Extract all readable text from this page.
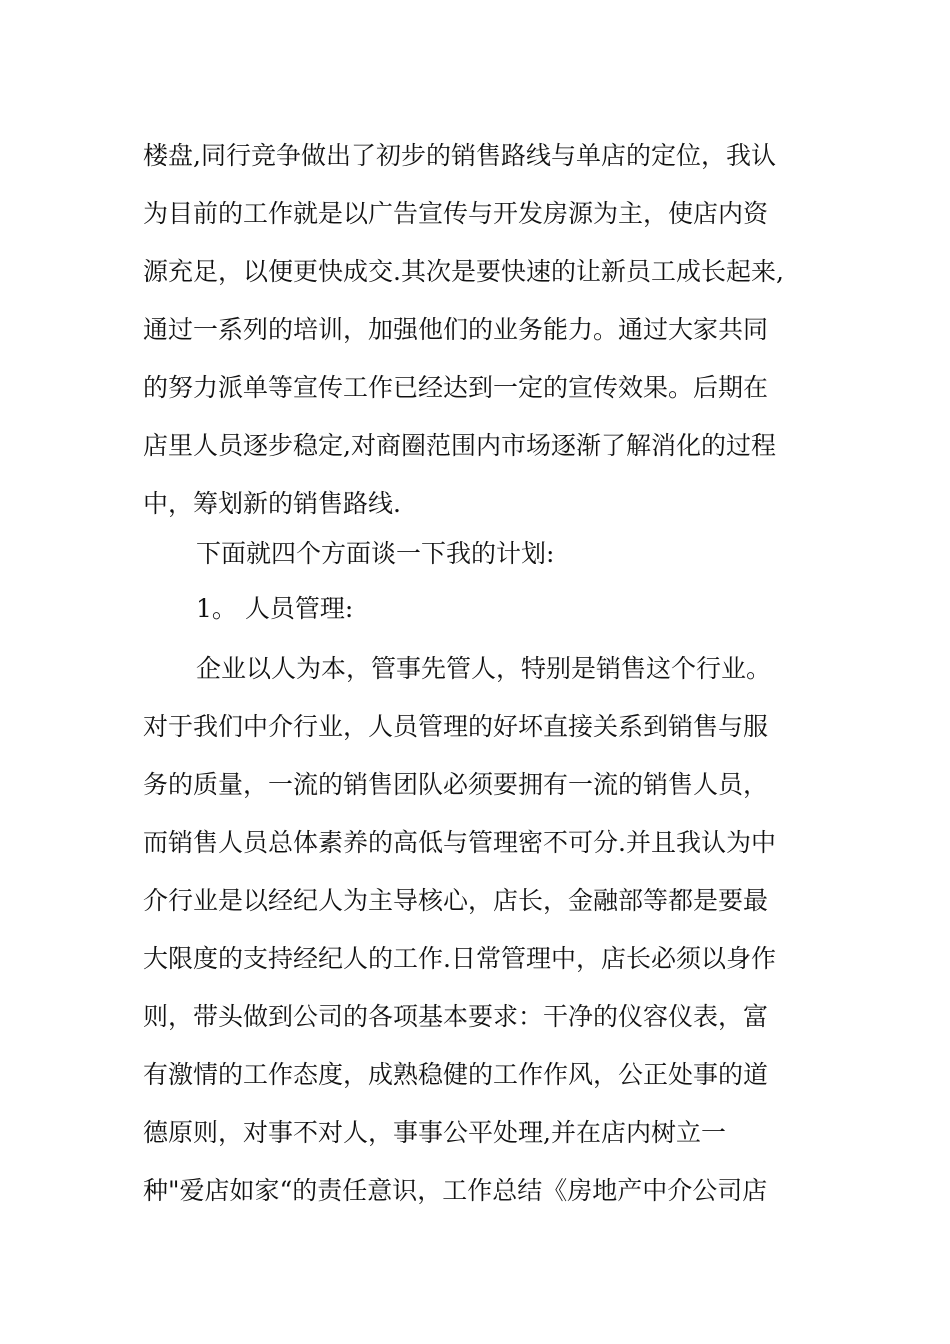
楼盘,同行竞争做出了初步的销售路线与单店的定位，我认
为目前的工作就是以广告宣传与开发房源为主，使店内资
源充足，以便更快成交.其次是要快速的让新员工成长起来,
通过一系列的培训，加强他们的业务能力。通过大家共同
的努力派单等宣传工作已经达到一定的宣传效果。后期在
店里人员逐步稳定,对商圈范围内市场逐渐了解消化的过程
中，筹划新的销售路线.
下面就四个方面谈一下我的计划:
1。 人员管理:
企业以人为本，管事先管人，特别是销售这个行业。
对于我们中介行业，人员管理的好坏直接关系到销售与服
务的质量，一流的销售团队必须要拥有一流的销售人员，
而销售人员总体素养的高低与管理密不可分.并且我认为中
介行业是以经纪人为主导核心，店长，金融部等都是要最
大限度的支持经纪人的工作.日常管理中，店长必须以身作
则，带头做到公司的各项基本要求：干净的仪容仪表，富
有激情的工作态度，成熟稳健的工作作风，公正处事的道
德原则，对事不对人，事事公平处理,并在店内树立一
种"爱店如家“的责任意识，工作总结《房地产中介公司店
